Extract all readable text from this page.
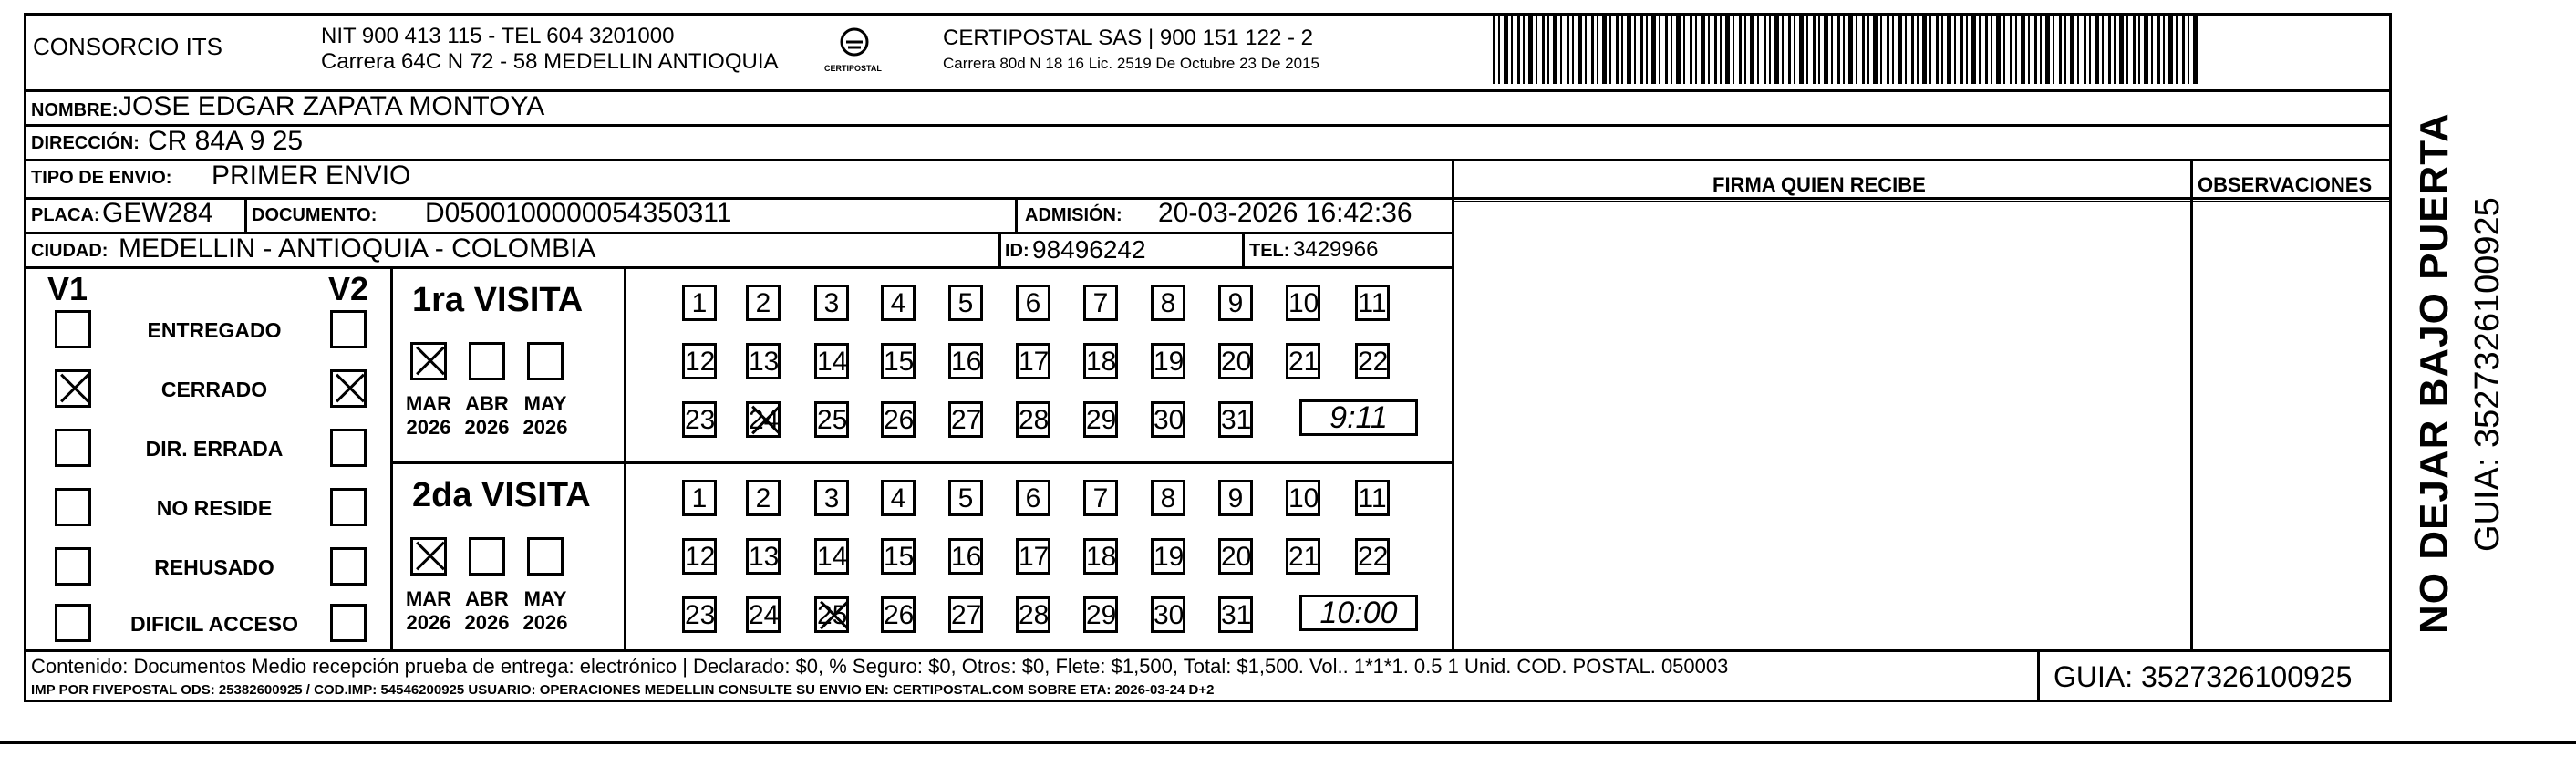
CONSORCIO ITS	NIT 900 413 115 - TEL 604 3201000
Carrera 64C N 72 - 58 MEDELLIN ANTIOQUIA	CERTIPOSTAL
CERTIPOSTAL SAS | 900 151 122 - 2
Carrera 80d N 18 16 Lic. 2519 De Octubre 23 De 2015
NOMBRE: JOSE EDGAR ZAPATA MONTOYA
DIRECCIÓN: CR 84A 9 25
TIPO DE ENVIO: PRIMER ENVIO	FIRMA QUIEN RECIBE	OBSERVACIONES
PLACA: GEW284 DOCUMENTO: D0500100000054350311	ADMISIÓN: 20-03-2026 16:42:36
CIUDAD: MEDELLIN - ANTIOQUIA - COLOMBIA	ID: 98496242	TEL: 3429966
V1	V2
ENTREGADO
CERRADO
DIR. ERRADA
NO RESIDE
REHUSADO
DIFICIL ACCESO
1ra VISITA
MAR
2026
ABR
2026
MAY
2026
1	2	3	4	5	6	7	8	9	10 11
12 13 14 15 16 17 18 19 20 21 22
23 24 25 26 27 28 29 30 31	9:11
2da VISITA
MAR
2026
ABR
2026
MAY
2026
1	2	3	4	5	6	7	8	9	10 11
12 13 14 15 16 17 18 19 20 21 22
23 24 25 26 27 28 29 30 31	10:00
Contenido: Documentos Medio recepción prueba de entrega: electrónico | Declarado: $0, % Seguro: $0, Otros: $0, Flete: $1,500, Total: $1,500. Vol.. 1*1*1. 0.5 1 Unid. COD. POSTAL. 050003
IMP POR FIVEPOSTAL ODS: 25382600925 / COD.IMP: 54546200925 USUARIO: OPERACIONES MEDELLIN CONSULTE SU ENVIO EN: CERTIPOSTAL.COM SOBRE ETA: 2026-03-24 D+2	GUIA: 3527326100925
NO DEJAR BAJO PUERTA GUIA: 3527326100925
